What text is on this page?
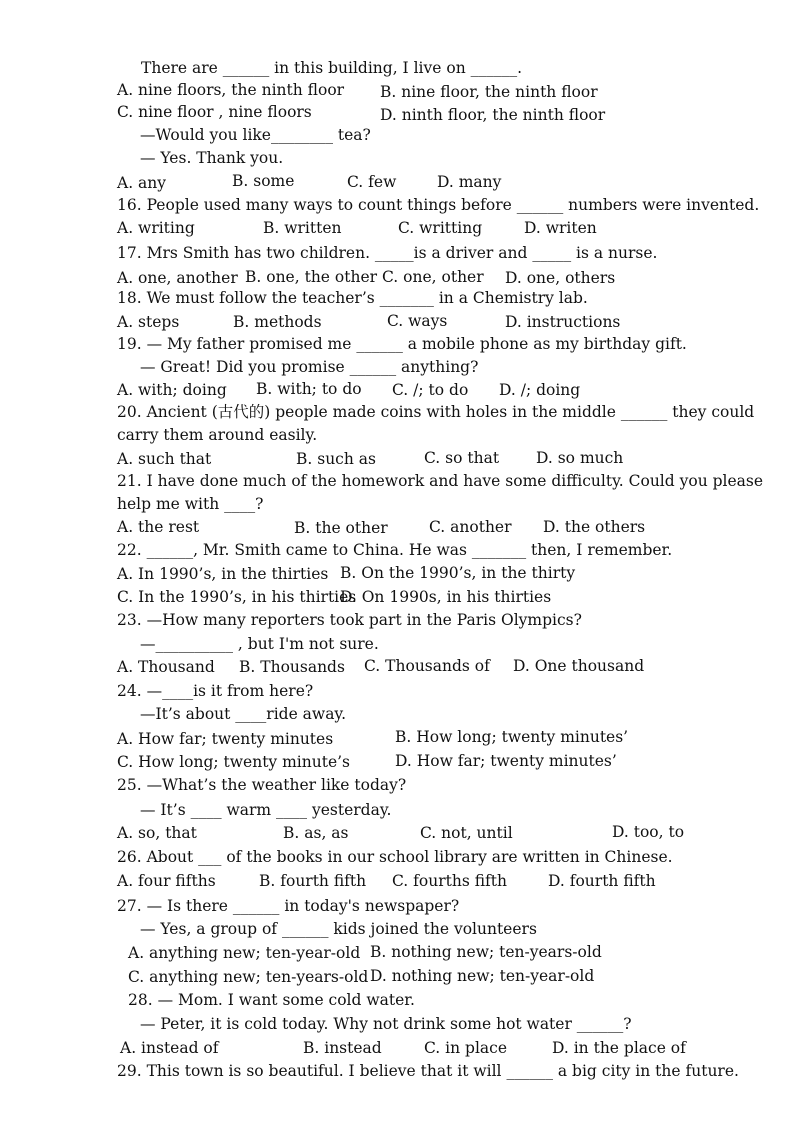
There are ______ in this building, I live on ______.
A. nine floors, the ninth floor B. nine floor, the ninth floor
C. nine floor , nine floors	D. ninth floor, the ninth floor
—Would you like________ tea?
— Yes. Thank you.
A. any	B. some	C. few	D. many
16. People used many ways to count things before ______ numbers were invented.
A. writing	B. written	C. writting	D. writen
17. Mrs Smith has two children. _____is a driver and _____ is a nurse.
A. one, another B. one, the other C. one, other D. one, others
18. We must follow the teacher’s _______ in a Chemistry lab.
A. steps	B. methods	C. ways	D. instructions
19. — My father promised me ______ a mobile phone as my birthday gift.
— Great! Did you promise ______ anything?
A. with; doing B. with; to do C. /; to do D. /; doing
20. Ancient (古代的) people made coins with holes in the middle ______ they could
carry them around easily.
A. such that	B. such as	C. so that D. so much
21. I have done much of the homework and have some difficulty. Could you please
help me with ____?
A. the rest	B. the other	C. another D. the others
22. ______, Mr. Smith came to China. He was _______ then, I remember.
A. In 1990’s, in the thirties B. On the 1990’s, in the thirty
C. In the 1990’s, in his thirties
D. On 1990s, in his thirties
23. —How many reporters took part in the Paris Olympics?
—__________ , but I'm not sure.
A. Thousand B. Thousands C. Thousands of D. One thousand
24. —____is it from here?
—It’s about ____ride away.
A. How far; twenty minutes	B. How long; twenty minutes’
C. How long; twenty minute’s	D. How far; twenty minutes’
25. —What’s the weather like today?
— It’s ____ warm ____ yesterday.
A. so, that	B. as, as	C. not, until	D. too, to
26. About ___ of the books in our school library are written in Chinese.
A. four fifths	B. fourth fifth C. fourths fifth	D. fourth fifth
27. — Is there ______ in today's newspaper?
— Yes, a group of ______ kids joined the volunteers
A. anything new; ten-year-old B. nothing new; ten-years-old
C. anything new; ten-years-old D. nothing new; ten-year-old
28. — Mom. I want some cold water.
— Peter, it is cold today. Why not drink some hot water ______?
A. instead of	B. instead	C. in place	D. in the place of
29. This town is so beautiful. I believe that it will ______ a big city in the future.
